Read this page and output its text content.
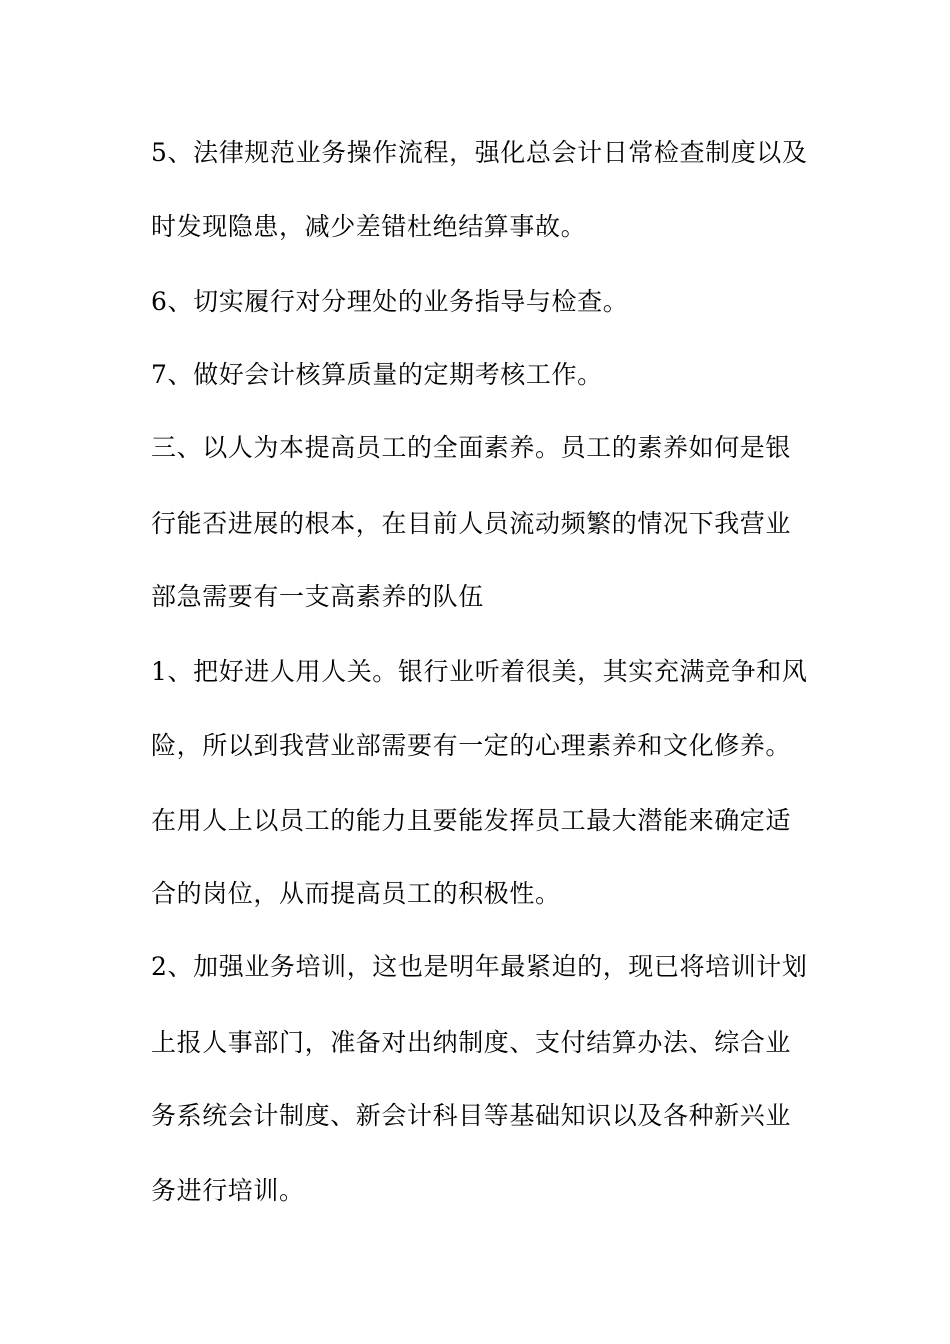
5、法律规范业务操作流程，强化总会计日常检查制度以及

时发现隐患，减少差错杜绝结算事故。

6、切实履行对分理处的业务指导与检查。

7、做好会计核算质量的定期考核工作。

三、以人为本提高员工的全面素养。员工的素养如何是银

行能否进展的根本，在目前人员流动频繁的情况下我营业

部急需要有一支高素养的队伍

1、把好进人用人关。银行业听着很美，其实充满竞争和风

险，所以到我营业部需要有一定的心理素养和文化修养。

在用人上以员工的能力且要能发挥员工最大潜能来确定适

合的岗位，从而提高员工的积极性。

2、加强业务培训，这也是明年最紧迫的，现已将培训计划

上报人事部门，准备对出纳制度、支付结算办法、综合业

务系统会计制度、新会计科目等基础知识以及各种新兴业

务进行培训。
